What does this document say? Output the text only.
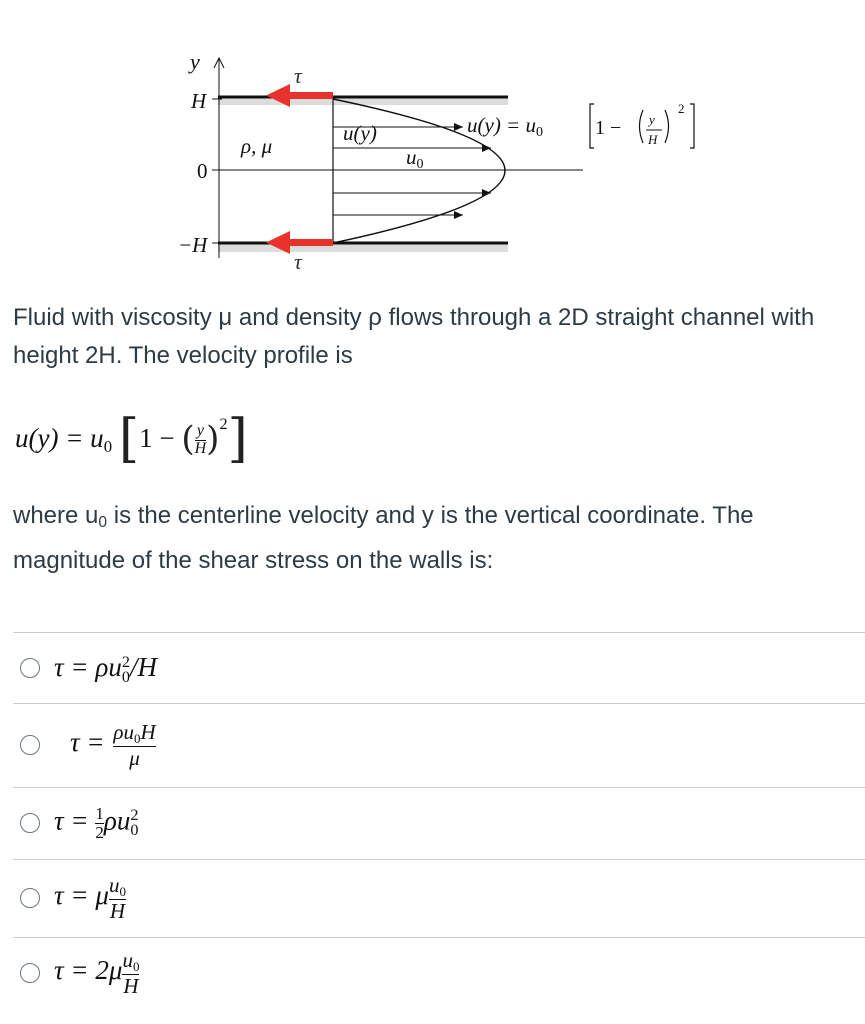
y
H
0
−H
τ
τ
ρ, μ
u(y)
u0
u(y) = u0	1 − y
H
2

Fluid with viscosity μ and density ρ flows through a 2D straight channel with height 2H. The velocity profile is

$u(y) = u_0$ [1 − ( $\frac{y}{H} )^2$]

where u0 is the centerline velocity and y is the vertical coordinate. The magnitude of the shear stress on the walls is:

τ = ρu 2
0 /H
$\tau = \frac{\rho u_0H}{\mu}$
$\tau = \frac{1}{2}$ ρu 2
0
τ = μ $\frac{u_0}{H}$
$\tau = 2\mu \frac{u_0}{H}$
